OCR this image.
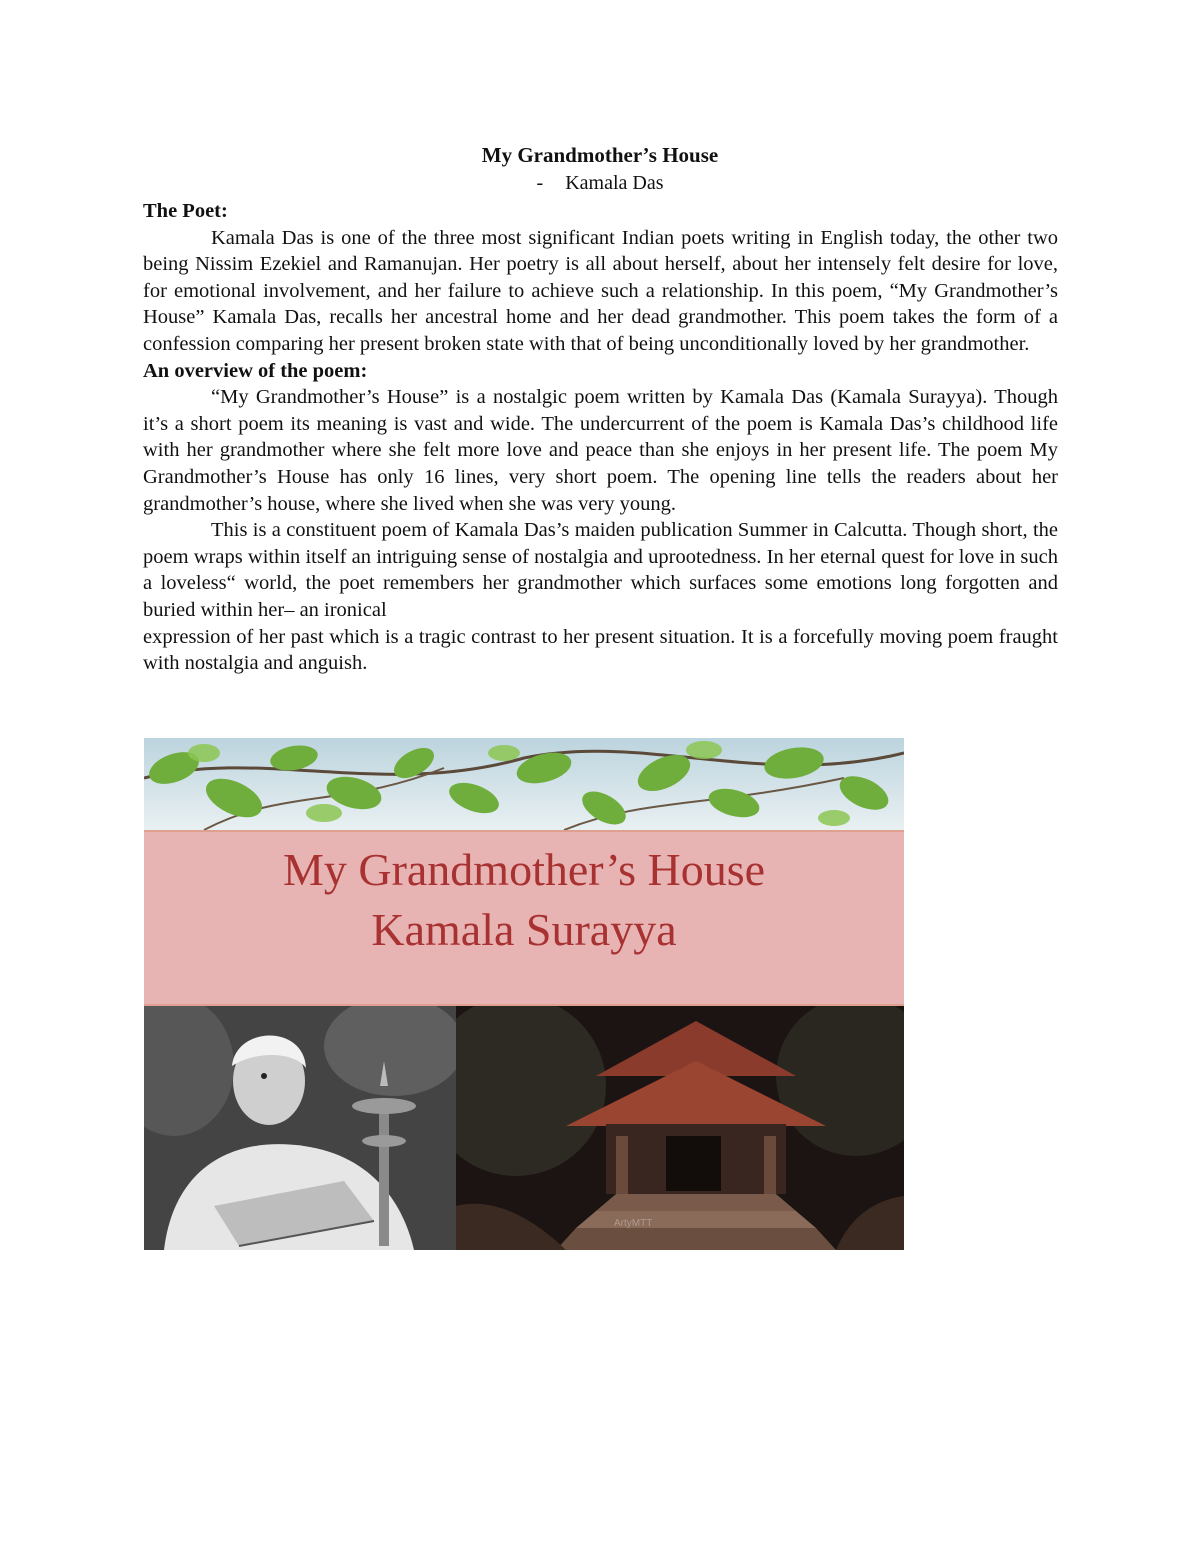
My Grandmother’s House
- Kamala Das

The Poet:

Kamala Das is one of the three most significant Indian poets writing in English today, the other two being Nissim Ezekiel and Ramanujan. Her poetry is all about herself, about her intensely felt desire for love, for emotional involvement, and her failure to achieve such a relationship. In this poem, “My Grandmother’s House” Kamala Das, recalls her ancestral home and her dead grandmother. This poem takes the form of a confession comparing her present broken state with that of being unconditionally loved by her grandmother.

An overview of the poem:

“My Grandmother’s House” is a nostalgic poem written by Kamala Das (Kamala Surayya). Though it’s a short poem its meaning is vast and wide. The undercurrent of the poem is Kamala Das’s childhood life with her grandmother where she felt more love and peace than she enjoys in her present life. The poem My Grandmother’s House has only 16 lines, very short poem. The opening line tells the readers about her grandmother’s house, where she lived when she was very young.

This is a constituent poem of Kamala Das’s maiden publication Summer in Calcutta. Though short, the poem wraps within itself an intriguing sense of nostalgia and uprootedness. In her eternal quest for love in such a loveless“ world, the poet remembers her grandmother which surfaces some emotions long forgotten and buried within her– an ironical

expression of her past which is a tragic contrast to her present situation. It is a forcefully moving poem fraught with nostalgia and anguish.

My Grandmother’s House
Kamala Surayya
ArtyMTT
